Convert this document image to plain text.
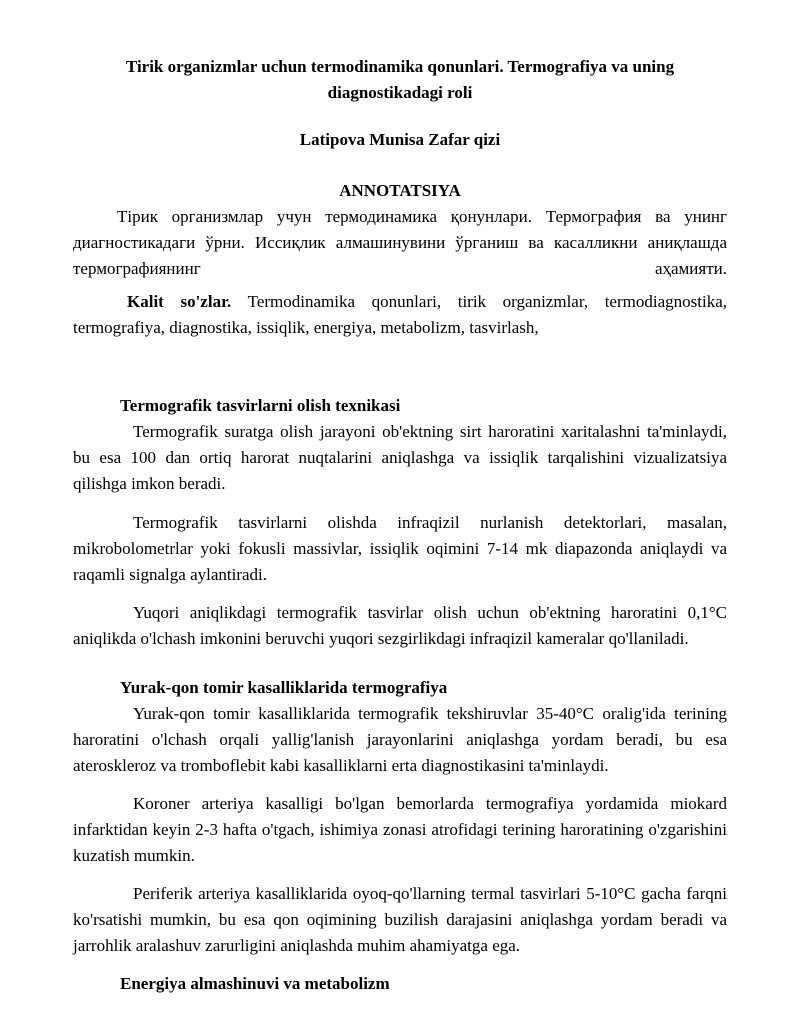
Tirik organizmlar uchun termodinamika qonunlari. Termografiya va uning diagnostikadagi roli
Latipova Munisa Zafar qizi
ANNOTATSIYA
Тірик организмлар учун термодинамика қонунлари. Термография ва унинг диагностикадаги ўрни. Иссиқлик алмашинувини ўрганиш ва касалликни аниқлашда термографиянинг аҳамияти.
Kalit so'zlar. Termodinamika qonunlari, tirik organizmlar, termodiagnostika, termografiya, diagnostika, issiqlik, energiya, metabolizm, tasvirlash,
Termografik tasvirlarni olish texnikasi
Termografik suratga olish jarayoni ob'ektning sirt haroratini xaritalashni ta'minlaydi, bu esa 100 dan ortiq harorat nuqtalarini aniqlashga va issiqlik tarqalishini vizualizatsiya qilishga imkon beradi.
Termografik tasvirlarni olishda infraqizil nurlanish detektorlari, masalan, mikrobolometrlar yoki fokusli massivlar, issiqlik oqimini 7-14 mk diapazonda aniqlaydi va raqamli signalga aylantiradi.
Yuqori aniqlikdagi termografik tasvirlar olish uchun ob'ektning haroratini 0,1°C aniqlikda o'lchash imkonini beruvchi yuqori sezgirlikdagi infraqizil kameralar qo'llaniladi.
Yurak-qon tomir kasalliklarida termografiya
Yurak-qon tomir kasalliklarida termografik tekshiruvlar 35-40°C oralig'ida terining haroratini o'lchash orqali yallig'lanish jarayonlarini aniqlashga yordam beradi, bu esa ateroskleroz va tromboflebit kabi kasalliklarni erta diagnostikasini ta'minlaydi.
Koroner arteriya kasalligi bo'lgan bemorlarda termografiya yordamida miokard infarktidan keyin 2-3 hafta o'tgach, ishimiya zonasi atrofidagi terining haroratining o'zgarishini kuzatish mumkin.
Periferik arteriya kasalliklarida oyoq-qo'llarning termal tasvirlari 5-10°C gacha farqni ko'rsatishi mumkin, bu esa qon oqimining buzilish darajasini aniqlashga yordam beradi va jarrohlik aralashuv zarurligini aniqlashda muhim ahamiyatga ega.
Energiya almashinuvi va metabolizm
